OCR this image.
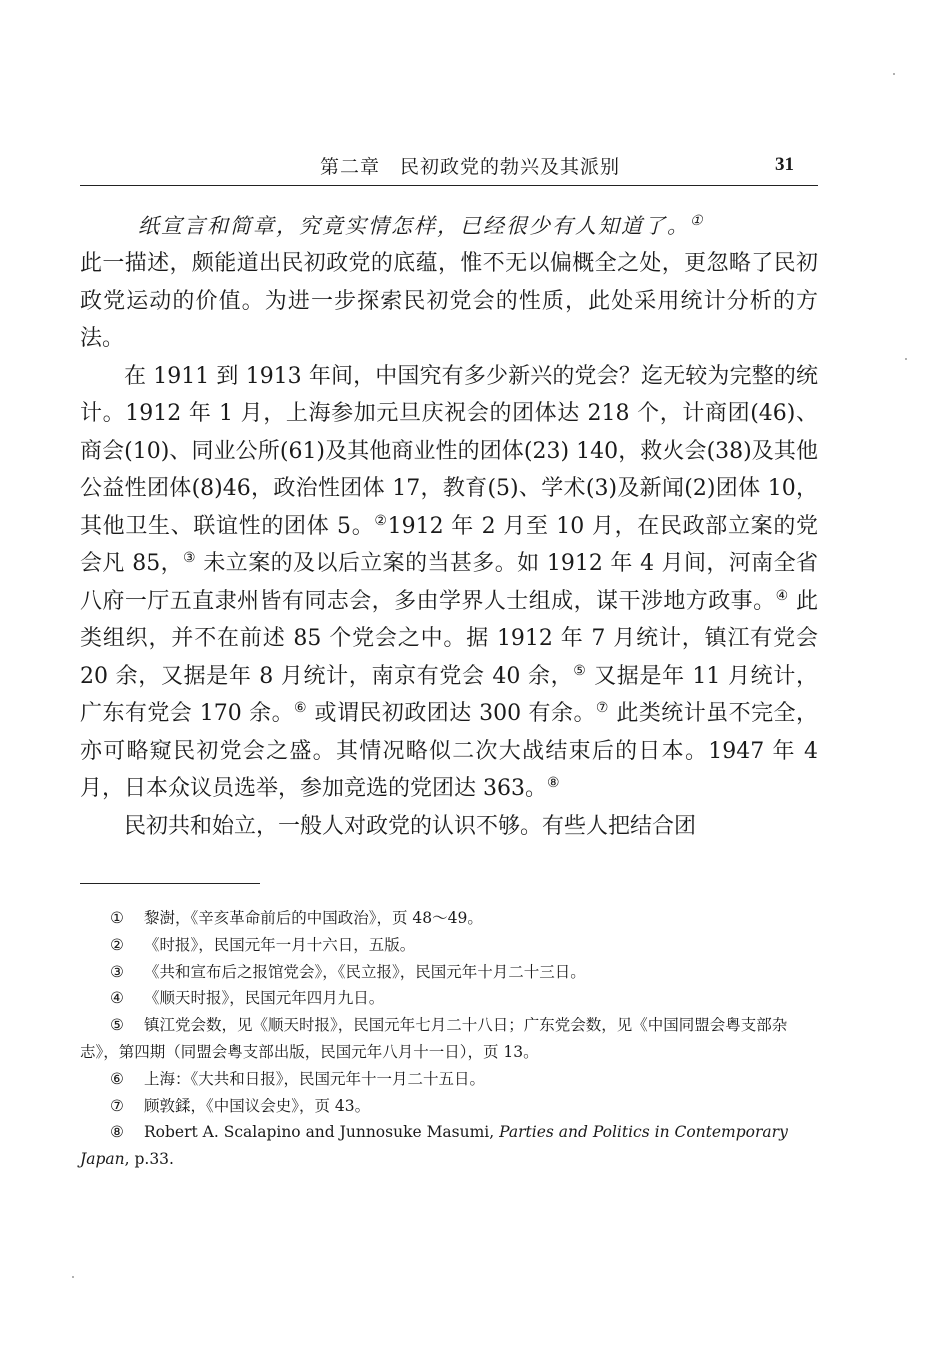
第二章　民初政党的勃兴及其派别	31
纸宣言和简章，究竟实情怎样，已经很少有人知道了。①

此一描述，颇能道出民初政党的底蕴，惟不无以偏概全之处，更忽略了民初政党运动的价值。为进一步探索民初党会的性质，此处采用统计分析的方法。

在 1911 到 1913 年间，中国究有多少新兴的党会？迄无较为完整的统计。1912 年 1 月，上海参加元旦庆祝会的团体达 218 个，计商团(46)、商会(10)、同业公所(61)及其他商业性的团体(23) 140，救火会(38)及其他公益性团体(8)46，政治性团体 17，教育(5)、学术(3)及新闻(2)团体 10，其他卫生、联谊性的团体 5。②1912 年 2 月至 10 月，在民政部立案的党会凡 85，③ 未立案的及以后立案的当甚多。如 1912 年 4 月间，河南全省八府一厅五直隶州皆有同志会，多由学界人士组成，谋干涉地方政事。④ 此类组织，并不在前述 85 个党会之中。据 1912 年 7 月统计，镇江有党会 20 余，又据是年 8 月统计，南京有党会 40 余，⑤ 又据是年 11 月统计，广东有党会 170 余。⑥ 或谓民初政团达 300 有余。⑦ 此类统计虽不完全，亦可略窥民初党会之盛。其情况略似二次大战结束后的日本。1947 年 4 月，日本众议员选举，参加竞选的党团达 363。⑧

民初共和始立，一般人对政党的认识不够。有些人把结合团

① 黎澍，《辛亥革命前后的中国政治》，页 48～49。

② 《时报》，民国元年一月十六日，五版。

③ 《共和宣布后之报馆党会》，《民立报》，民国元年十月二十三日。

④ 《顺天时报》，民国元年四月九日。

⑤ 镇江党会数，见《顺天时报》，民国元年七月二十八日；广东党会数，见《中国同盟会粤支部杂志》，第四期（同盟会粤支部出版，民国元年八月十一日），页 13。

⑥ 上海：《大共和日报》，民国元年十一月二十五日。

⑦ 顾敦鍒，《中国议会史》，页 43。

⑧ Robert A. Scalapino and Junnosuke Masumi, Parties and Politics in Contemporary Japan, p.33.
